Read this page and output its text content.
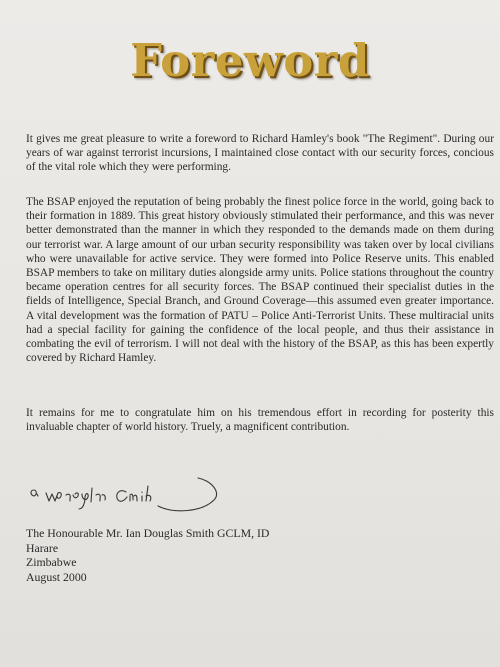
Foreword

It gives me great pleasure to write a foreword to Richard Hamley's book "The Regiment". During our years of war against terrorist incursions, I maintained close contact with our security forces, concious of the vital role which they were performing.

The BSAP enjoyed the reputation of being probably the finest police force in the world, going back to their formation in 1889. This great history obviously stimulated their performance, and this was never better demonstrated than the manner in which they responded to the demands made on them during our terrorist war. A large amount of our urban security responsibility was taken over by local civilians who were unavailable for active service. They were formed into Police Reserve units. This enabled BSAP members to take on military duties alongside army units. Police stations throughout the country became operation centres for all security forces. The BSAP continued their specialist duties in the fields of Intelligence, Special Branch, and Ground Coverage—this assumed even greater importance. A vital development was the formation of PATU – Police Anti-Terrorist Units. These multiracial units had a special facility for gaining the confidence of the local people, and thus their assistance in combating the evil of terrorism. I will not deal with the history of the BSAP, as this has been expertly covered by Richard Hamley.

It remains for me to congratulate him on his tremendous effort in recording for posterity this invaluable chapter of world history. Truely, a magnificent contribution.

The Honourable Mr. Ian Douglas Smith GCLM, ID
Harare
Zimbabwe
August 2000
